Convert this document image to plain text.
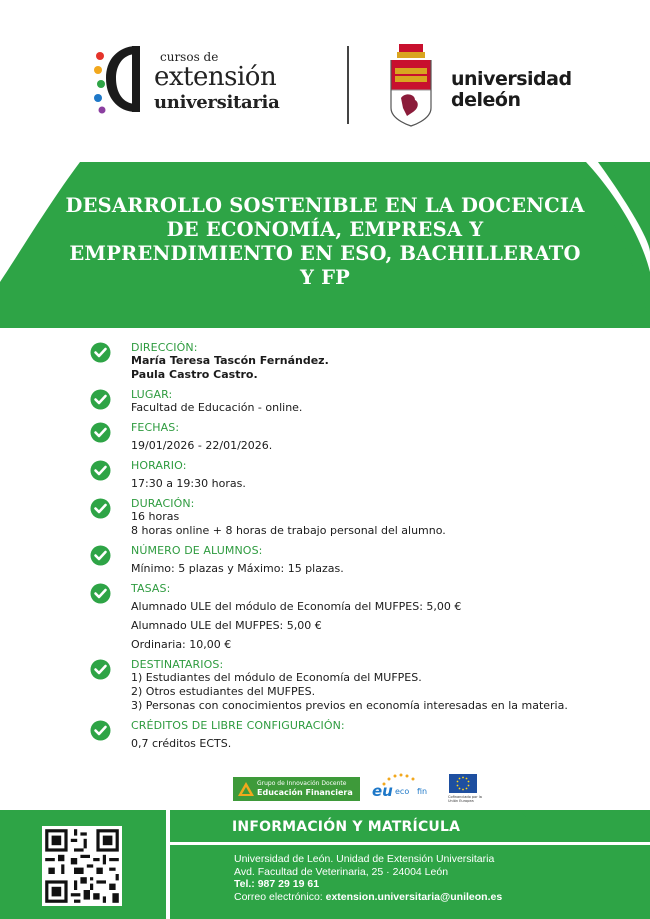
cursos de
extensión
universitaria
universidad
deleón
DESARROLLO SOSTENIBLE EN LA DOCENCIA DE ECONOMÍA, EMPRESA Y EMPRENDIMIENTO EN ESO, BACHILLERATO Y FP
DIRECCIÓN:
María Teresa Tascón Fernández.
Paula Castro Castro.
LUGAR:
Facultad de Educación - online.
FECHAS:
19/01/2026 - 22/01/2026.
HORARIO:
17:30 a 19:30 horas.
DURACIÓN:
16 horas
8 horas online + 8 horas de trabajo personal del alumno.
NÚMERO DE ALUMNOS:
Mínimo: 5 plazas y Máximo: 15 plazas.
TASAS:
Alumnado ULE del módulo de Economía del MUFPES: 5,00 €
Alumnado ULE del MUFPES: 5,00 €
Ordinaria: 10,00 €
DESTINATARIOS:
1) Estudiantes del módulo de Economía del MUFPES.
2) Otros estudiantes del MUFPES.
3) Personas con conocimientos previos en economía interesadas en la materia.
CRÉDITOS DE LIBRE CONFIGURACIÓN:
0,7 créditos ECTS.
Grupo de Innovación Docente
Educación Financiera eu eco fin
Cofinanciado por la Unión Europea
INFORMACIÓN Y MATRÍCULA
Universidad de León. Unidad de Extensión Universitaria
Avd. Facultad de Veterinaria, 25 · 24004 León
Tel.: 987 29 19 61
Correo electrónico: extension.universitaria@unileon.es
